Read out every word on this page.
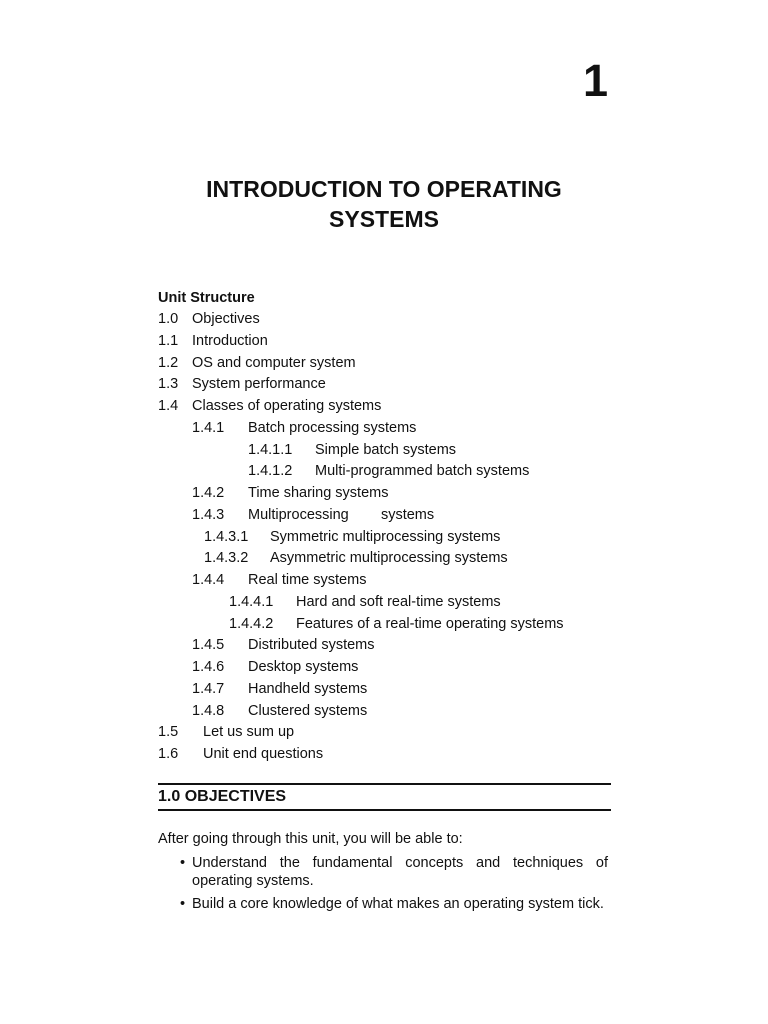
1
INTRODUCTION TO OPERATING
SYSTEMS
Unit Structure
1.0 Objectives
1.1 Introduction
1.2 OS and computer system
1.3 System performance
1.4 Classes of operating systems
1.4.1 Batch processing systems
1.4.1.1 Simple batch systems
1.4.1.2 Multi-programmed batch systems
1.4.2 Time sharing systems
1.4.3 Multiprocessing        systems
1.4.3.1 Symmetric multiprocessing systems
1.4.3.2 Asymmetric multiprocessing systems
1.4.4 Real time systems
1.4.4.1 Hard and soft real-time systems
1.4.4.2 Features of a real-time operating systems
1.4.5 Distributed systems
1.4.6 Desktop systems
1.4.7 Handheld systems
1.4.8 Clustered systems
1.5 Let us sum up
1.6 Unit end questions
1.0 OBJECTIVES
After going through this unit, you will be able to:
• Understand the fundamental concepts and techniques of operating systems.
• Build a core knowledge of what makes an operating system tick.
